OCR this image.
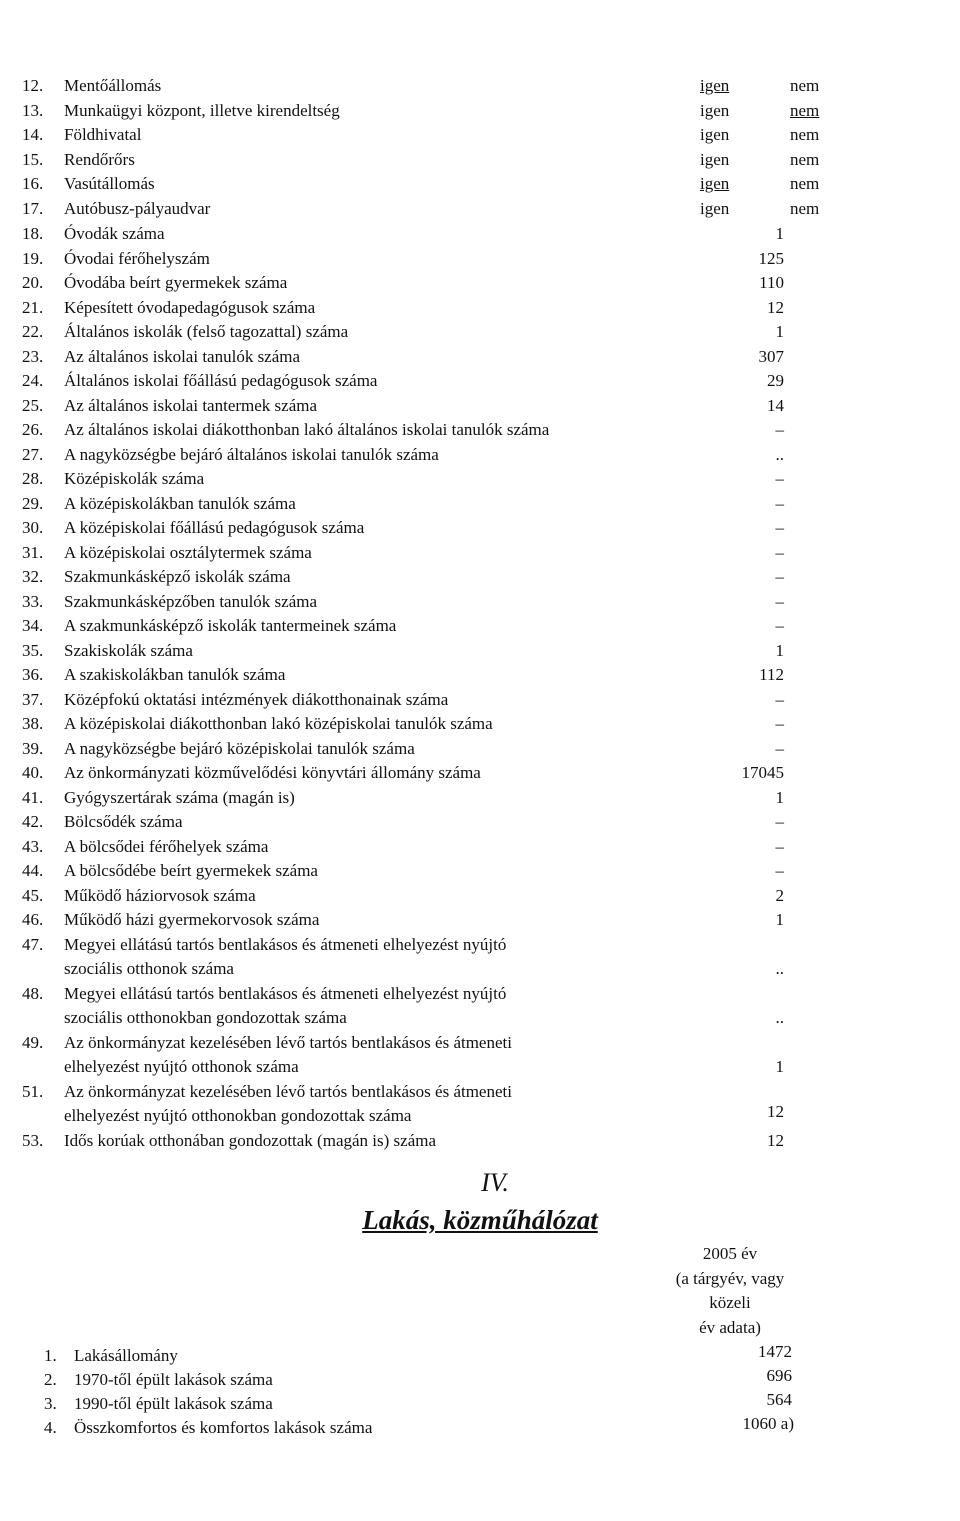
12.	Mentőállomás	igen	nem
13.	Munkaügyi központ, illetve kirendeltség	igen	nem
14.	Földhivatal	igen	nem
15.	Rendőrőrs	igen	nem
16.	Vasútállomás	igen	nem
17.	Autóbusz-pályaudvar	igen	nem
18.	Óvodák száma	1
19.	Óvodai férőhelyszám	125
20.	Óvodába beírt gyermekek száma	110
21.	Képesített óvodapedagógusok száma	12
22.	Általános iskolák (felső tagozattal) száma	1
23.	Az általános iskolai tanulók száma	307
24.	Általános iskolai főállású pedagógusok száma	29
25.	Az általános iskolai tantermek száma	14
26.	Az általános iskolai diákotthonban lakó általános iskolai tanulók száma	–
27.	A nagyközségbe bejáró általános iskolai tanulók száma	..
28.	Középiskolák száma	–
29.	A középiskolákban tanulók száma	–
30.	A középiskolai főállású pedagógusok száma	–
31.	A középiskolai osztálytermek száma	–
32.	Szakmunkásképző iskolák száma	–
33.	Szakmunkásképzőben tanulók száma	–
34.	A szakmunkásképző iskolák tantermeinek száma	–
35.	Szakiskolák száma	1
36.	A szakiskolákban tanulók száma	112
37.	Középfokú oktatási intézmények diákotthonainak száma	–
38.	A középiskolai diákotthonban lakó középiskolai tanulók száma	–
39.	A nagyközségbe bejáró középiskolai tanulók száma	–
40.	Az önkormányzati közművelődési könyvtári állomány száma	17045
41.	Gyógyszertárak száma (magán is)	1
42.	Bölcsődék száma	–
43.	A bölcsődei férőhelyek száma	–
44.	A bölcsődébe beírt gyermekek száma	–
45.	Működő háziorvosok száma	2
46.	Működő házi gyermekorvosok száma	1
47.	Megyei ellátású tartós bentlakásos és átmeneti elhelyezést nyújtó
szociális otthonok száma	..
48.	Megyei ellátású tartós bentlakásos és átmeneti elhelyezést nyújtó
szociális otthonokban gondozottak száma	..
49.	Az önkormányzat kezelésében lévő tartós bentlakásos és átmeneti
elhelyezést nyújtó otthonok száma	1
51.	Az önkormányzat kezelésében lévő tartós bentlakásos és átmeneti
elhelyezést nyújtó otthonokban gondozottak száma	12
53.	Idős korúak otthonában gondozottak (magán is) száma	12
IV.
Lakás, közműhálózat
2005 év
(a tárgyév, vagy
közeli
év adata)
1.	Lakásállomány	1472
2.	1970-től épült lakások száma	696
3.	1990-től épült lakások száma	564
4.	Összkomfortos és komfortos lakások száma	1060 a)
